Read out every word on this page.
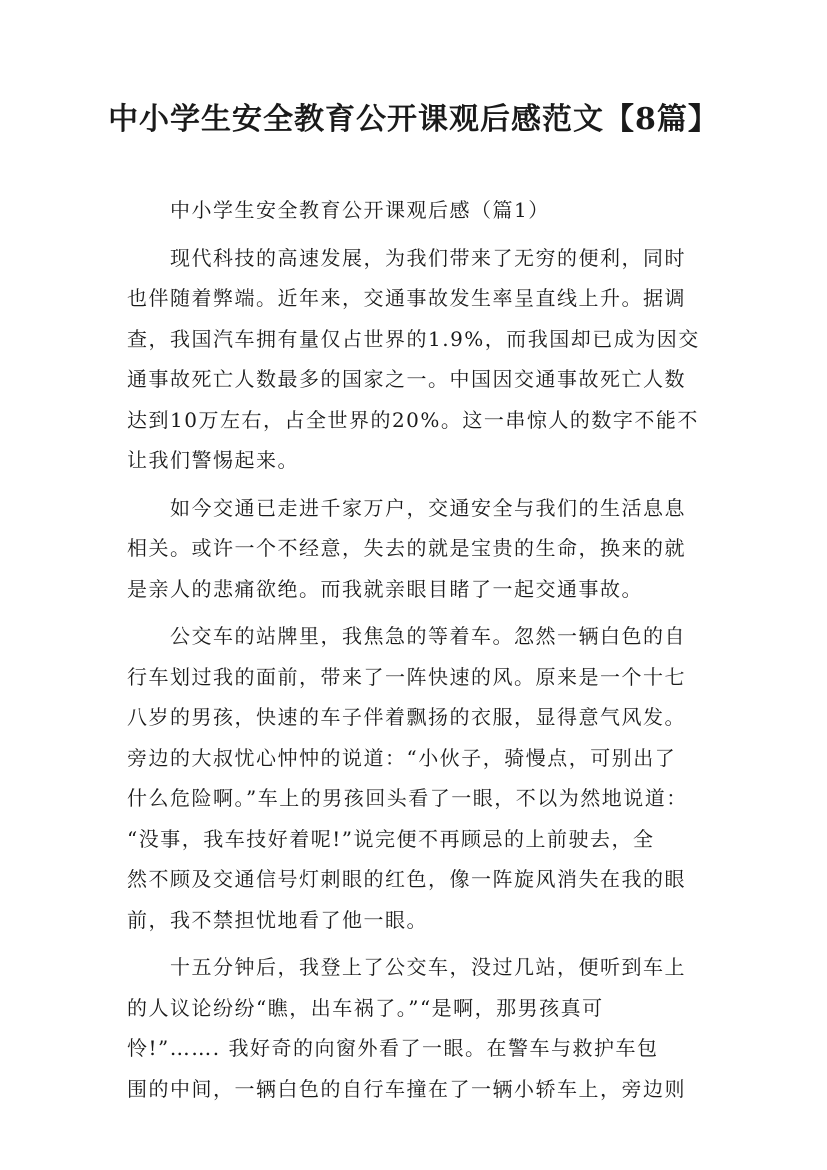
中小学生安全教育公开课观后感范文【8篇】

中小学生安全教育公开课观后感（篇1）

现代科技的高速发展，为我们带来了无穷的便利，同时
也伴随着弊端。近年来，交通事故发生率呈直线上升。据调
查，我国汽车拥有量仅占世界的1.9%，而我国却已成为因交
通事故死亡人数最多的国家之一。中国因交通事故死亡人数
达到10万左右，占全世界的20%。这一串惊人的数字不能不
让我们警惕起来。

如今交通已走进千家万户，交通安全与我们的生活息息
相关。或许一个不经意，失去的就是宝贵的生命，换来的就
是亲人的悲痛欲绝。而我就亲眼目睹了一起交通事故。

公交车的站牌里，我焦急的等着车。忽然一辆白色的自
行车划过我的面前，带来了一阵快速的风。原来是一个十七
八岁的男孩，快速的车子伴着飘扬的衣服，显得意气风发。
旁边的大叔忧心忡忡的说道：“小伙子，骑慢点，可别出了
什么危险啊。”车上的男孩回头看了一眼，不以为然地说道：
“没事，我车技好着呢!”说完便不再顾忌的上前驶去，全
然不顾及交通信号灯刺眼的红色，像一阵旋风消失在我的眼
前，我不禁担忧地看了他一眼。

十五分钟后，我登上了公交车，没过几站，便听到车上
的人议论纷纷“瞧，出车祸了。”“是啊，那男孩真可
怜!”……. 我好奇的向窗外看了一眼。在警车与救护车包
围的中间，一辆白色的自行车撞在了一辆小轿车上，旁边则
